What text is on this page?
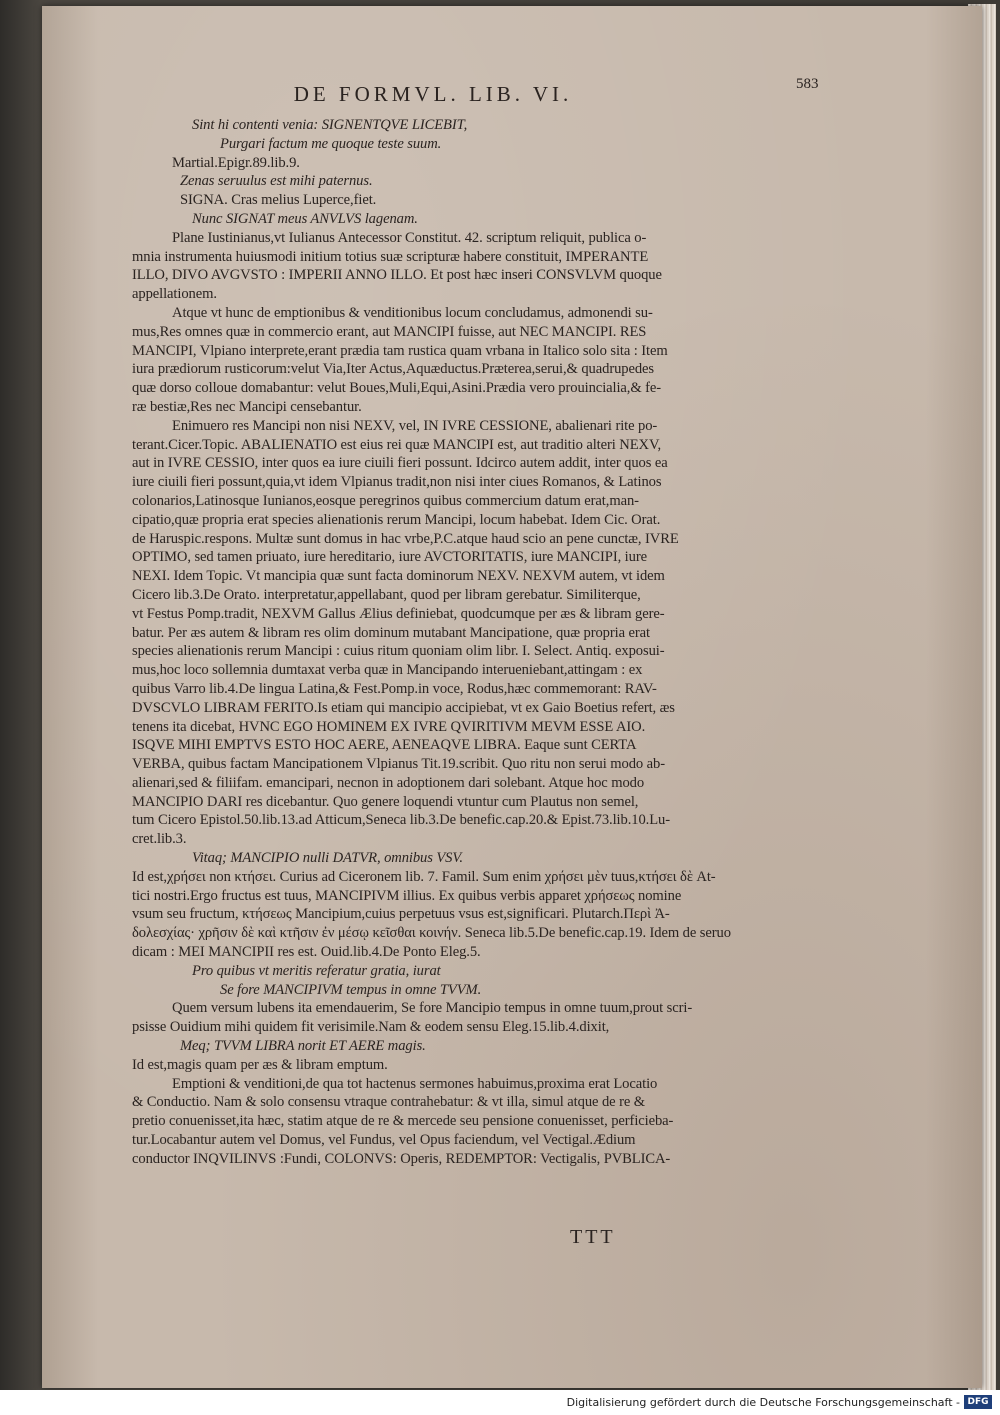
DE FORMVL. LIB. VI.	583
Sint hi contenti venia: SIGNENTQVE LICEBIT,
Purgari factum me quoque teste suum.
Martial.Epigr.89.lib.9.
Zenas seruulus est mihi paternus.
SIGNA. Cras melius Luperce,fiet.
Nunc SIGNAT meus ANVLVS lagenam.
Plane Iustinianus,vt Iulianus Antecessor Constitut. 42. scriptum reliquit, publica o-
mnia instrumenta huiusmodi initium totius suæ scripturæ habere constituit, IMPERANTE
ILLO, DIVO AVGVSTO : IMPERII ANNO ILLO. Et post hæc inseri CONSVLVM quoque
appellationem.
Atque vt hunc de emptionibus & venditionibus locum concludamus, admonendi su-
mus,Res omnes quæ in commercio erant, aut MANCIPI fuisse, aut NEC MANCIPI. RES
MANCIPI, Vlpiano interprete,erant prædia tam rustica quam vrbana in Italico solo sita : Item
iura prædiorum rusticorum:velut Via,Iter Actus,Aquæductus.Præterea,serui,& quadrupedes
quæ dorso colloue domabantur: velut Boues,Muli,Equi,Asini.Prædia vero prouincialia,& fe-
ræ bestiæ,Res nec Mancipi censebantur.
Enimuero res Mancipi non nisi NEXV, vel, IN IVRE CESSIONE, abalienari rite po-
terant.Cicer.Topic. ABALIENATIO est eius rei quæ MANCIPI est, aut traditio alteri NEXV,
aut in IVRE CESSIO, inter quos ea iure ciuili fieri possunt. Idcirco autem addit, inter quos ea
iure ciuili fieri possunt,quia,vt idem Vlpianus tradit,non nisi inter ciues Romanos, & Latinos
colonarios,Latinosque Iunianos,eosque peregrinos quibus commercium datum erat,man-
cipatio,quæ propria erat species alienationis rerum Mancipi, locum habebat. Idem Cic. Orat.
de Haruspic.respons. Multæ sunt domus in hac vrbe,P.C.atque haud scio an pene cunctæ, IVRE
OPTIMO, sed tamen priuato, iure hereditario, iure AVCTORITATIS, iure MANCIPI, iure
NEXI. Idem Topic. Vt mancipia quæ sunt facta dominorum NEXV. NEXVM autem, vt idem
Cicero lib.3.De Orato. interpretatur,appellabant, quod per libram gerebatur. Similiterque,
vt Festus Pomp.tradit, NEXVM Gallus Ælius definiebat, quodcumque per æs & libram gere-
batur. Per æs autem & libram res olim dominum mutabant Mancipatione, quæ propria erat
species alienationis rerum Mancipi : cuius ritum quoniam olim libr. I. Select. Antiq. exposui-
mus,hoc loco sollemnia dumtaxat verba quæ in Mancipando interueniebant,attingam : ex
quibus Varro lib.4.De lingua Latina,& Fest.Pomp.in voce, Rodus,hæc commemorant: RAV-
DVSCVLO LIBRAM FERITO.Is etiam qui mancipio accipiebat, vt ex Gaio Boetius refert, æs
tenens ita dicebat, HVNC EGO HOMINEM EX IVRE QVIRITIVM MEVM ESSE AIO.
ISQVE MIHI EMPTVS ESTO HOC AERE, AENEAQVE LIBRA. Eaque sunt CERTA
VERBA, quibus factam Mancipationem Vlpianus Tit.19.scribit. Quo ritu non serui modo ab-
alienari,sed & filiifam. emancipari, necnon in adoptionem dari solebant. Atque hoc modo
MANCIPIO DARI res dicebantur. Quo genere loquendi vtuntur cum Plautus non semel,
tum Cicero Epistol.50.lib.13.ad Atticum,Seneca lib.3.De benefic.cap.20.& Epist.73.lib.10.Lu-
cret.lib.3.
Vitaq; MANCIPIO nulli DATVR, omnibus VSV.
Id est,χρήσει non κτήσει. Curius ad Ciceronem lib. 7. Famil. Sum enim χρήσει μὲν tuus,κτήσει δὲ At-
tici nostri.Ergo fructus est tuus, MANCIPIVM illius. Ex quibus verbis apparet χρήσεως nomine
vsum seu fructum, κτήσεως Mancipium,cuius perpetuus vsus est,significari. Plutarch.Περὶ Ἀ-
δολεσχίας· χρῆσιν δὲ καὶ κτῆσιν ἐν μέσῳ κεῖσθαι κοινήν. Seneca lib.5.De benefic.cap.19. Idem de seruo
dicam : MEI MANCIPII res est. Ouid.lib.4.De Ponto Eleg.5.
Pro quibus vt meritis referatur gratia, iurat
Se fore MANCIPIVM tempus in omne TVVM.
Quem versum lubens ita emendauerim, Se fore Mancipio tempus in omne tuum,prout scri-
psisse Ouidium mihi quidem fit verisimile.Nam & eodem sensu Eleg.15.lib.4.dixit,
Meq; TVVM LIBRA norit ET AERE magis.
Id est,magis quam per æs & libram emptum.
Emptioni & venditioni,de qua tot hactenus sermones habuimus,proxima erat Locatio
& Conductio. Nam & solo consensu vtraque contrahebatur: & vt illa, simul atque de re &
pretio conuenisset,ita hæc, statim atque de re & mercede seu pensione conuenisset, perficieba-
tur.Locabantur autem vel Domus, vel Fundus, vel Opus faciendum, vel Vectigal.Ædium
conductor INQVILINVS :Fundi, COLONVS: Operis, REDEMPTOR: Vectigalis, PVBLICA-
TTT
Digitalisierung gefördert durch die Deutsche Forschungsgemeinschaft - DFG
